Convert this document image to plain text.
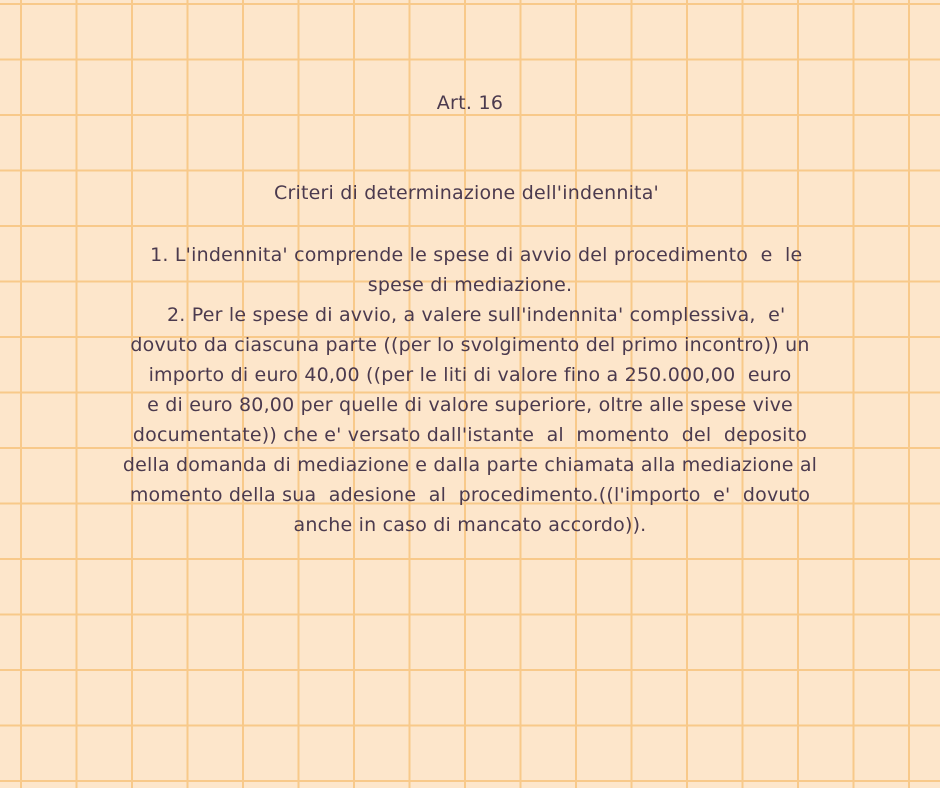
Art. 16
Criteri di determinazione dell'indennita'
1. L'indennita' comprende le spese di avvio del procedimento  e  le
spese di mediazione.
2. Per le spese di avvio, a valere sull'indennita' complessiva,  e'
dovuto da ciascuna parte ((per lo svolgimento del primo incontro)) un
importo di euro 40,00 ((per le liti di valore fino a 250.000,00  euro
e di euro 80,00 per quelle di valore superiore, oltre alle spese vive
documentate)) che e' versato dall'istante  al  momento  del  deposito
della domanda di mediazione e dalla parte chiamata alla mediazione al
momento della sua  adesione  al  procedimento.((l'importo  e'  dovuto
anche in caso di mancato accordo)).
